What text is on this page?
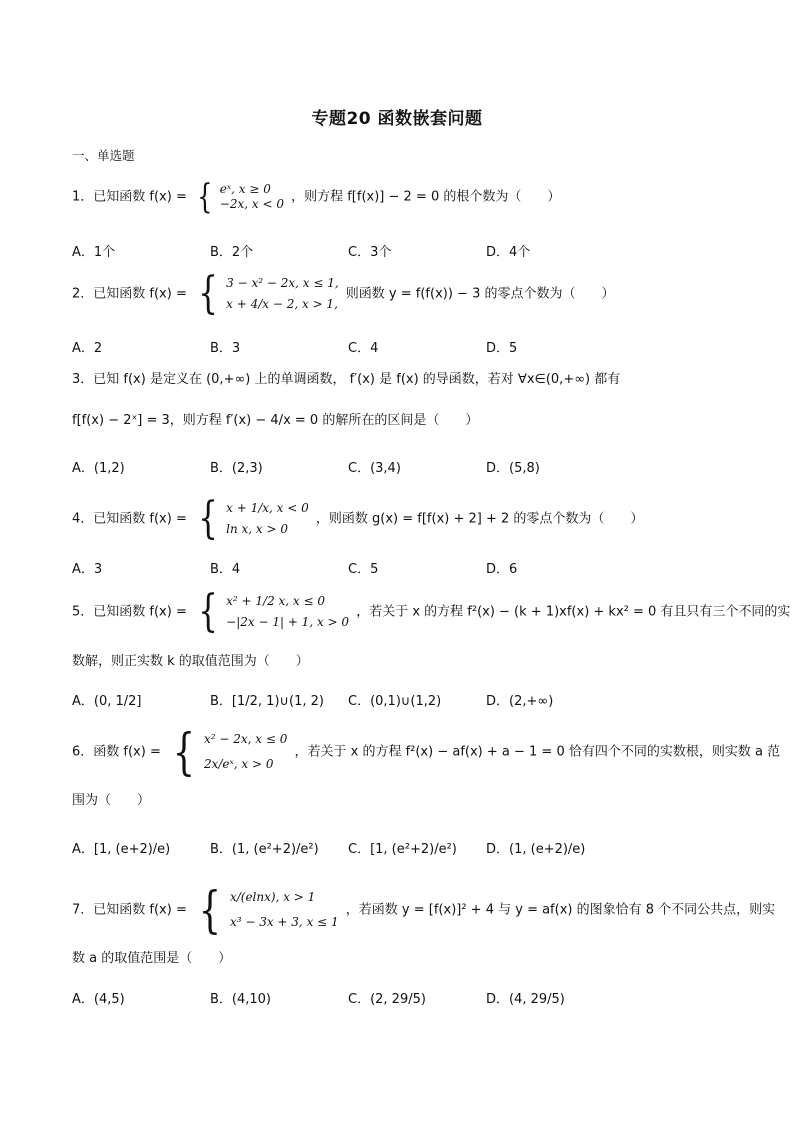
专题20 函数嵌套问题
一、单选题
1．已知函数 f(x) = { eˣ, x ≥ 0
−2x, x < 0 ，则方程 f[f(x)] − 2 = 0 的根个数为（　　）
A．1个	B．2个	C．3个	D．4个
2．已知函数 f(x) = { 3 − x² − 2x, x ≤ 1,
x + 4/x − 2, x > 1,
则函数 y = f(f(x)) − 3 的零点个数为（　　）
A．2	B．3	C．4	D．5
3．已知 f(x) 是定义在 (0,+∞) 上的单调函数， f′(x) 是 f(x) 的导函数，若对 ∀x∈(0,+∞) 都有
f[f(x) − 2ˣ] = 3，则方程 f′(x) − 4/x = 0 的解所在的区间是（　　）
A．(1,2)	B．(2,3)	C．(3,4)	D．(5,8)
4．已知函数 f(x) = { x + 1/x, x < 0
ln x, x > 0
，则函数 g(x) = f[f(x) + 2] + 2 的零点个数为（　　）
A．3	B．4	C．5	D．6
5．已知函数 f(x) = { x² + 1/2 x, x ≤ 0
−|2x − 1| + 1, x > 0
，若关于 x 的方程 f²(x) − (k + 1)xf(x) + kx² = 0 有且只有三个不同的实
数解，则正实数 k 的取值范围为（　　）
A．(0, 1/2]	B．[1/2, 1)∪(1, 2) C．(0,1)∪(1,2)	D．(2,+∞)
6．函数 f(x) = { x² − 2x, x ≤ 0
2x/eˣ, x > 0
，若关于 x 的方程 f²(x) − af(x) + a − 1 = 0 恰有四个不同的实数根，则实数 a 范
围为（　　）
A．[1, (e+2)/e)	B．(1, (e²+2)/e²) C．[1, (e²+2)/e²) D．(1, (e+2)/e)
7．已知函数 f(x) = { x/(elnx), x > 1
x³ − 3x + 3, x ≤ 1
，若函数 y = [f(x)]² + 4 与 y = af(x) 的图象恰有 8 个不同公共点，则实
数 a 的取值范围是（　　）
A．(4,5)	B．(4,10)	C．(2, 29/5)	D．(4, 29/5)
